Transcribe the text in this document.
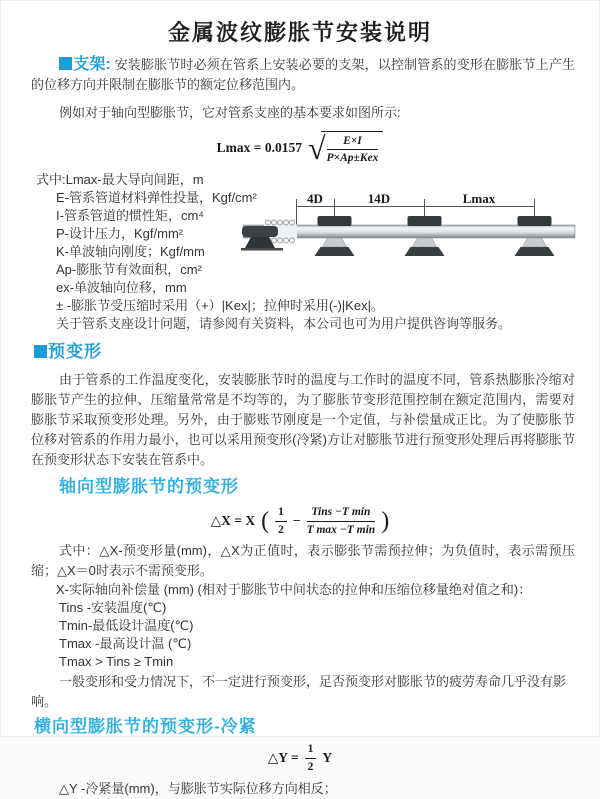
金属波纹膨胀节安装说明

支架: 安装膨胀节时必须在管系上安装必要的支架，以控制管系的变形在膨胀节上产生的位移方向并限制在膨胀节的额定位移范围内。

例如对于轴向型膨胀节，它对管系支座的基本要求如图所示:

Lmax = 0.0157 √	E×I
P×Ap±Kex
式中:Lmax-最大导向间距，m
E-管系管道材料弹性投量，Kgf/cm²
I-管系管道的惯性矩，cm⁴
P-设计压力，Kgf/mm²
K-单波轴向刚度；Kgf/mm
Ap-膨胀节有效面积，cm²
ex-单波轴向位移，mm
± -膨胀节受压缩时采用（+）|Kex|；拉伸时采用(-)|Kex|。
关于管系支座设计问题，请参阅有关资料，本公司也可为用户提供咨询等服务。
4D	14D	Lmax
预变形

由于管系的工作温度变化，安装膨胀节时的温度与工作时的温度不同，管系热膨胀冷缩对膨胀节产生的拉伸、压缩量常常是不均等的，为了膨胀节变形范围控制在额定范围内，需要对膨胀节采取预变形处理。另外，由于膨账节刚度是一个定值，与补偿量成正比。为了使膨胀节位移对管系的作用力最小，也可以采用预变形(冷紧)方让对膨胀节进行预变形处理后再将膨胀节在预变形状态下安装在管系中。

轴向型膨胀节的预变形
△X = X ( $\frac{1}{2}$ −
Tins −T min
T max −T min )

式中：△X-预变形量(mm)，△X为正值时，表示膨张节需预拉伸；为负值时，表示需预压缩；△X＝0时表示不需预变形。

X-实际轴向补偿量 (mm) (相对于膨胀节中间状态的拉伸和压缩位移量绝对值之和)：
Tins -安装温度(℃)
Tmin-最低设计温度(℃)
Tmax -最高设计温 (℃)
Tmax > Tins ≥ Tmin

一般变形和受力情况下，不一定进行预变形，足否预变形对膨胀节的疲劳寿命几乎没有影响。

横向型膨胀节的预变形-冷紧
△Y = $\frac{1}{2}$ Y

△Y -冷紧量(mm)，与膨胀节实际位移方向相反；
